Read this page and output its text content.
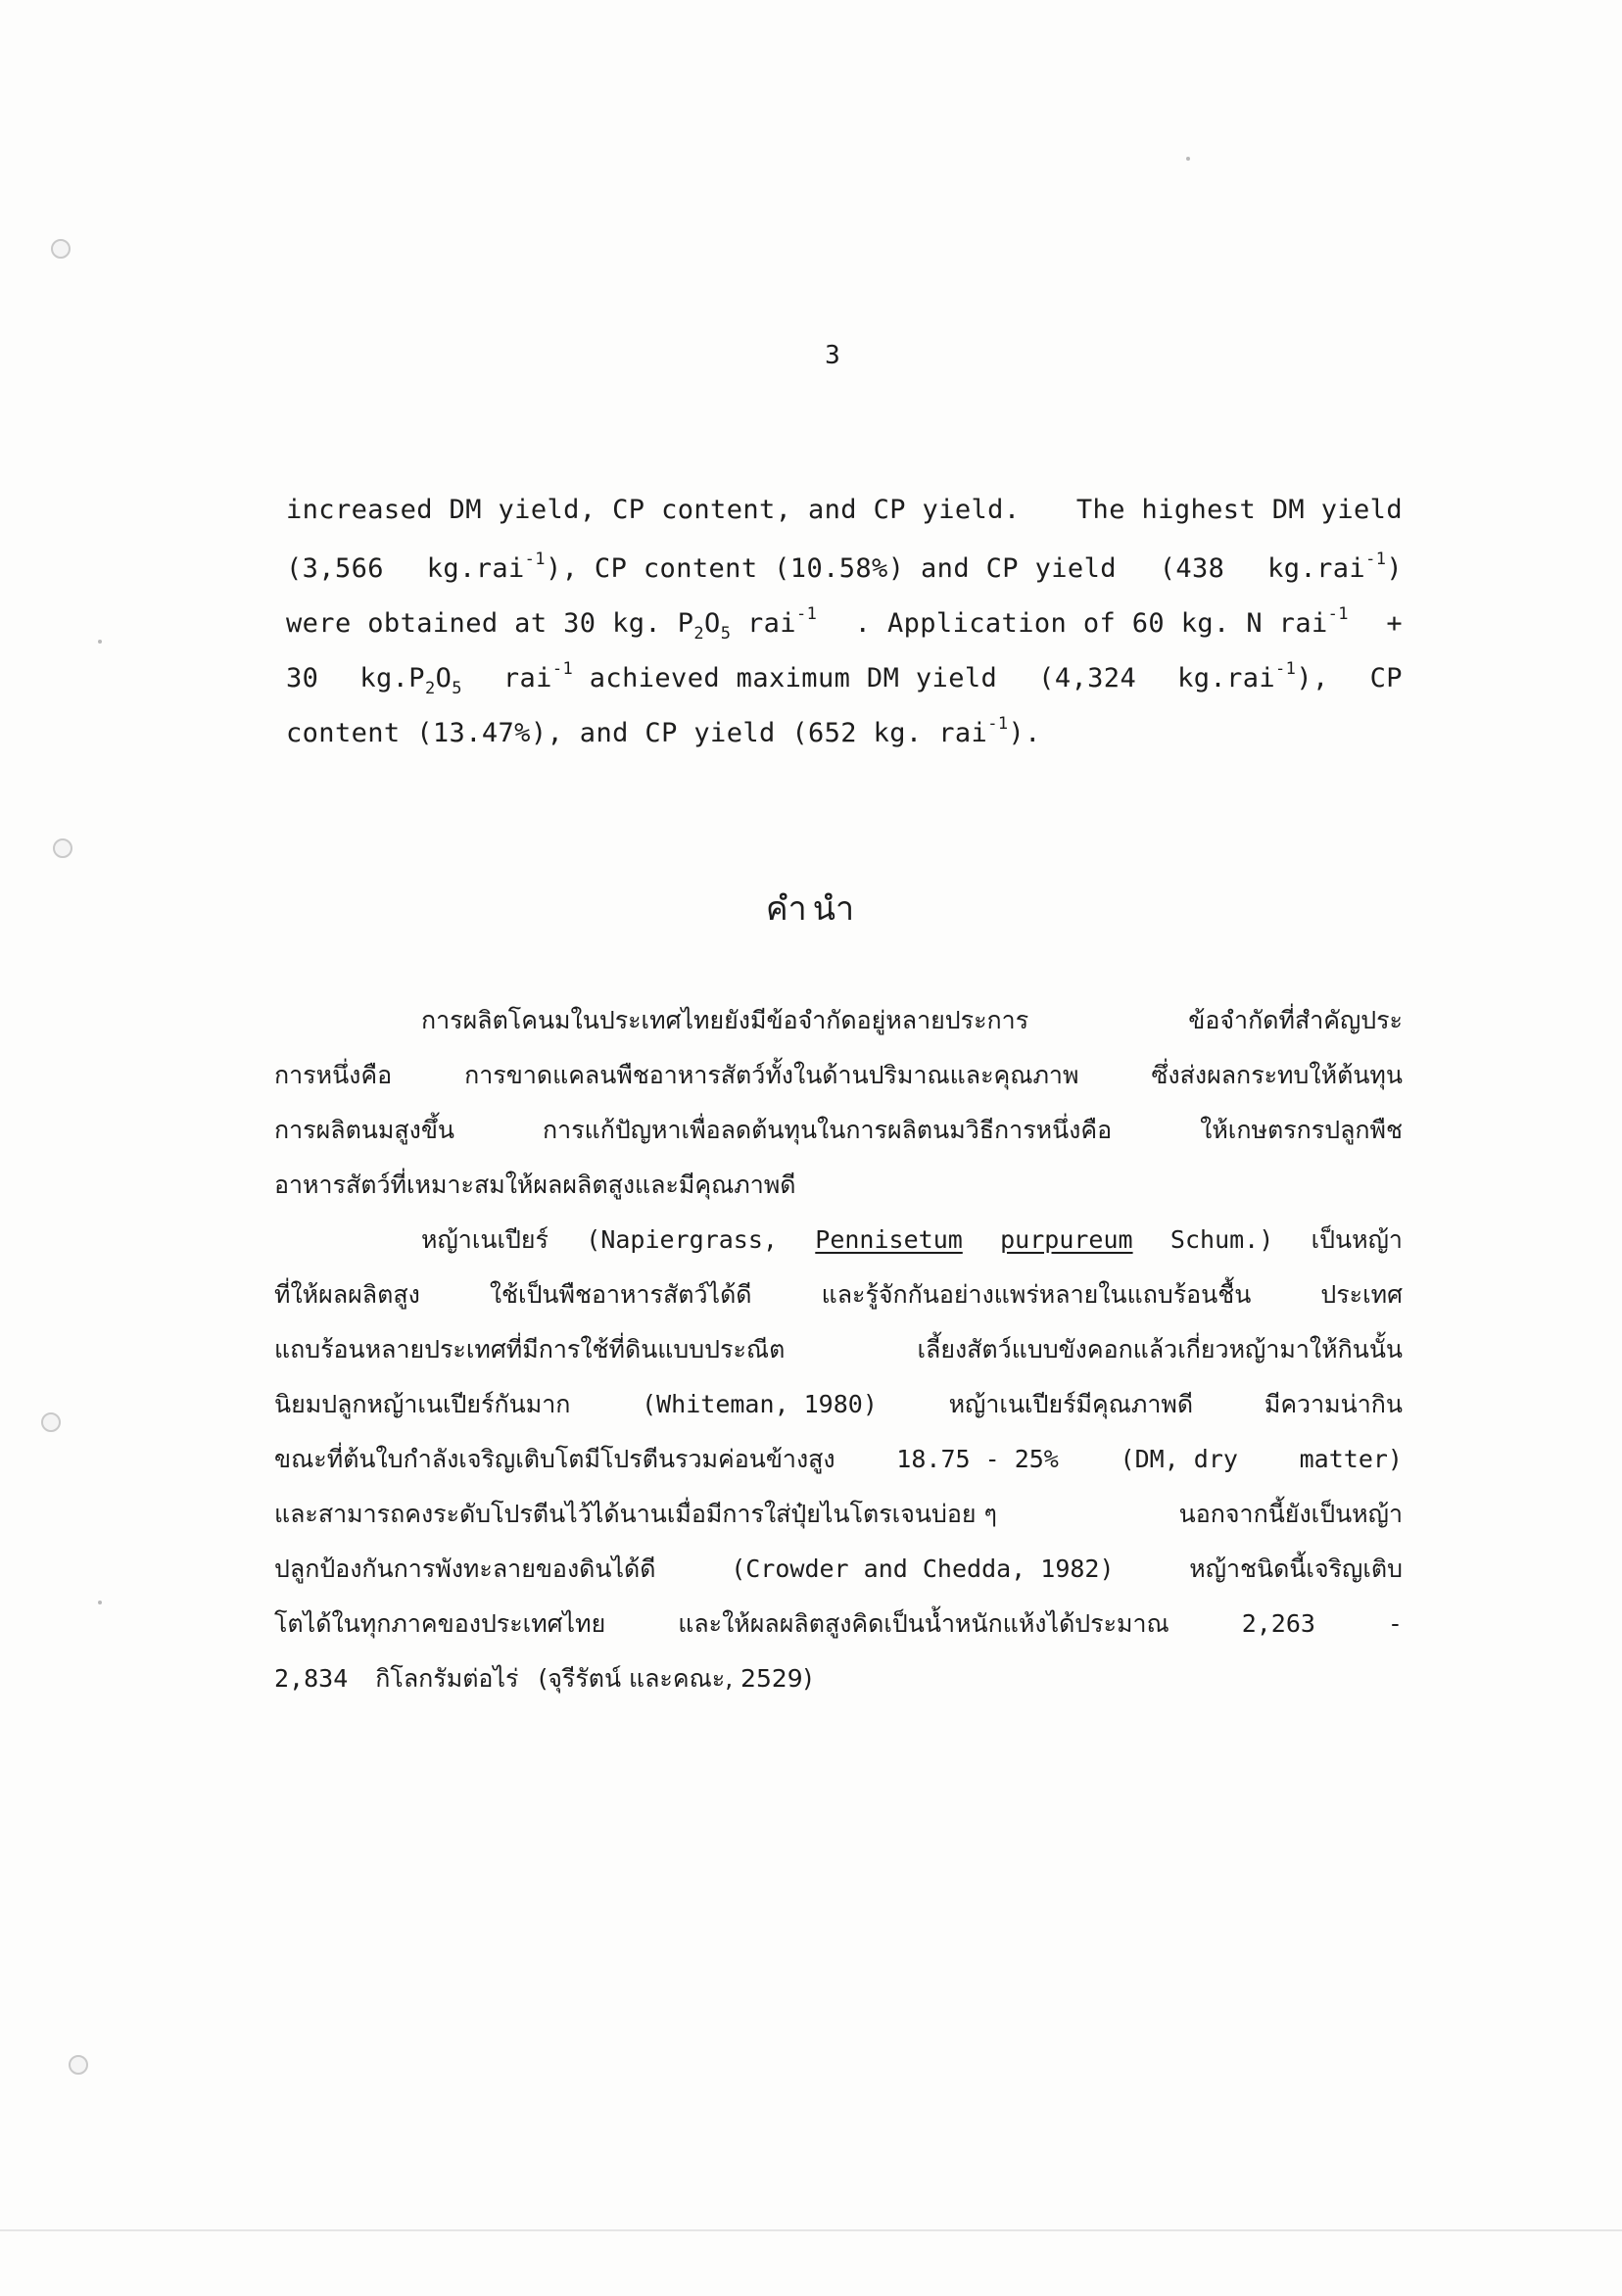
3
increased DM yield, CP content, and CP yield. The highest DM yield
(3,566 kg.rai$^{-1}$), CP content (10.58%) and CP yield (438 kg.rai$^{-1}$)
were obtained at 30 kg. $P_2O_5$ rai$^{-1}$ . Application of 60 kg. N rai$^{-1}$ +
30 $kg.P_2O_5$ rai$^{-1}$ achieved maximum DM yield (4,324 kg.rai$^{-1}$), CP
content (13.47%), and CP yield (652 kg. rai$^{-1}$).
คำนำ
การผลิตโคนมในประเทศไทยยังมีข้อจำกัดอยู่หลายประการ	ข้อจำกัดที่สำคัญประ
การหนึ่งคือ	การขาดแคลนพืชอาหารสัตว์ทั้งในด้านปริมาณและคุณภาพ	ซึ่งส่งผลกระทบให้ต้นทุน
การผลิตนมสูงขึ้น	การแก้ปัญหาเพื่อลดต้นทุนในการผลิตนมวิธีการหนึ่งคือ	ให้เกษตรกรปลูกพืช
อาหารสัตว์ที่เหมาะสมให้ผลผลิตสูงและมีคุณภาพดี
หญ้าเนเปียร์ (Napiergrass, Pennisetum purpureum Schum.) เป็นหญ้า
ที่ให้ผลผลิตสูง	ใช้เป็นพืชอาหารสัตว์ได้ดี	และรู้จักกันอย่างแพร่หลายในแถบร้อนชื้น	ประเทศ
แถบร้อนหลายประเทศที่มีการใช้ที่ดินแบบประณีต	เลี้ยงสัตว์แบบขังคอกแล้วเกี่ยวหญ้ามาให้กินนั้น
นิยมปลูกหญ้าเนเปียร์กันมาก	(Whiteman, 1980)	หญ้าเนเปียร์มีคุณภาพดี	มีความน่ากิน
ขณะที่ต้นใบกำลังเจริญเติบโตมีโปรตีนรวมค่อนข้างสูง	18.75 - 25%	(DM, dry	matter)
และสามารถคงระดับโปรตีนไว้ได้นานเมื่อมีการใส่ปุ๋ยไนโตรเจนบ่อย ๆ	นอกจากนี้ยังเป็นหญ้า
ปลูกป้องกันการพังทะลายของดินได้ดี	(Crowder and Chedda, 1982)	หญ้าชนิดนี้เจริญเติบ
โตได้ในทุกภาคของประเทศไทย	และให้ผลผลิตสูงคิดเป็นน้ำหนักแห้งได้ประมาณ	2,263	-
2,834 กิโลกรัมต่อไร่ (จุรีรัตน์ และคณะ, 2529)
